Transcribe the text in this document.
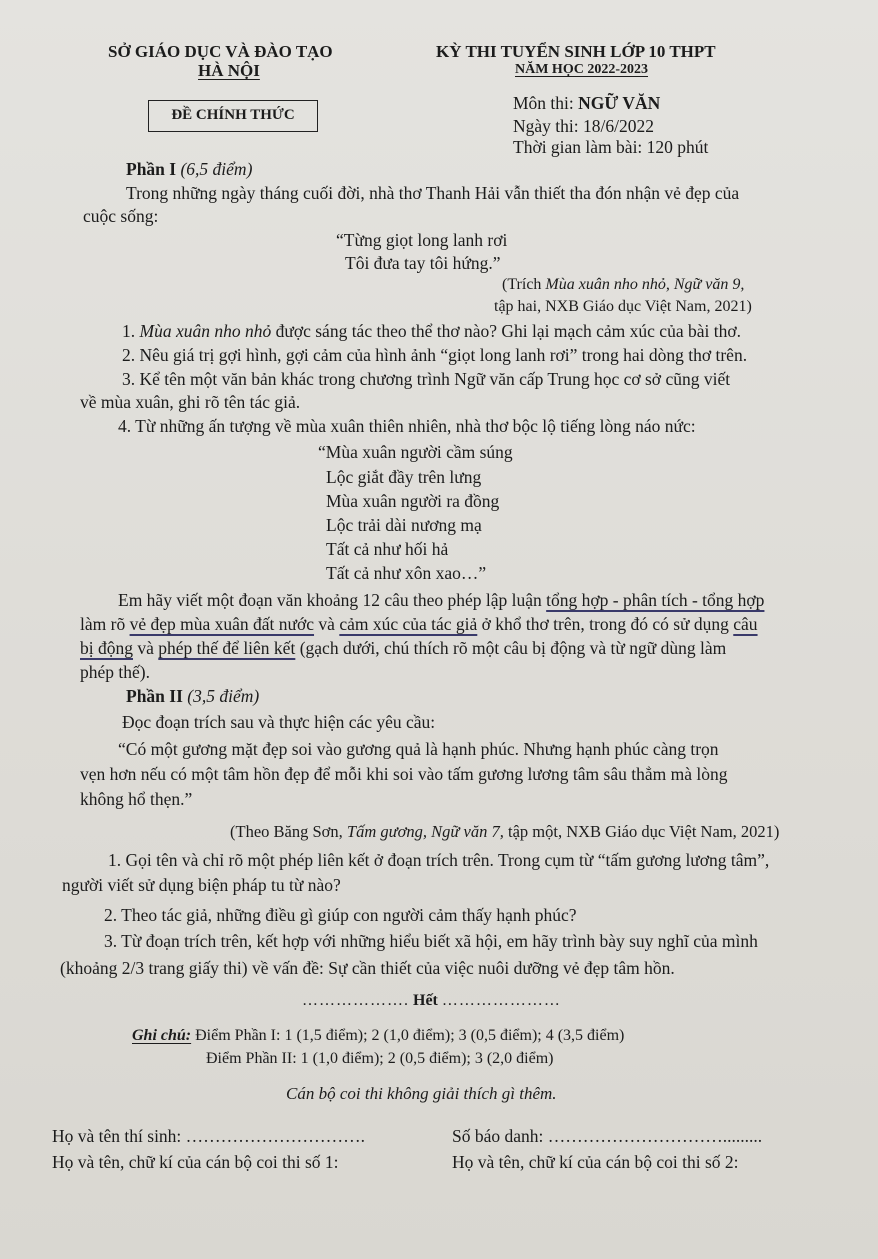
SỞ GIÁO DỤC VÀ ĐÀO TẠO
HÀ NỘI
KỲ THI TUYỂN SINH LỚP 10 THPT
NĂM HỌC 2022-2023
ĐỀ CHÍNH THỨC
Môn thi: NGỮ VĂN
Ngày thi: 18/6/2022
Thời gian làm bài: 120 phút
Phần I (6,5 điểm)
Trong những ngày tháng cuối đời, nhà thơ Thanh Hải vẫn thiết tha đón nhận vẻ đẹp của
cuộc sống:
“Từng giọt long lanh rơi
Tôi đưa tay tôi hứng.”
(Trích Mùa xuân nho nhỏ, Ngữ văn 9,
tập hai, NXB Giáo dục Việt Nam, 2021)
1. Mùa xuân nho nhỏ được sáng tác theo thể thơ nào? Ghi lại mạch cảm xúc của bài thơ.
2. Nêu giá trị gợi hình, gợi cảm của hình ảnh “giọt long lanh rơi” trong hai dòng thơ trên.
3. Kể tên một văn bản khác trong chương trình Ngữ văn cấp Trung học cơ sở cũng viết
về mùa xuân, ghi rõ tên tác giả.
4. Từ những ấn tượng về mùa xuân thiên nhiên, nhà thơ bộc lộ tiếng lòng náo nức:
“Mùa xuân người cầm súng
Lộc giắt đầy trên lưng
Mùa xuân người ra đồng
Lộc trải dài nương mạ
Tất cả như hối hả
Tất cả như xôn xao…”
Em hãy viết một đoạn văn khoảng 12 câu theo phép lập luận tổng hợp - phân tích - tổng hợp
làm rõ vẻ đẹp mùa xuân đất nước và cảm xúc của tác giả ở khổ thơ trên, trong đó có sử dụng câu
bị động và phép thế để liên kết (gạch dưới, chú thích rõ một câu bị động và từ ngữ dùng làm
phép thế).
Phần II (3,5 điểm)
Đọc đoạn trích sau và thực hiện các yêu cầu:
“Có một gương mặt đẹp soi vào gương quả là hạnh phúc. Nhưng hạnh phúc càng trọn
vẹn hơn nếu có một tâm hồn đẹp để mỗi khi soi vào tấm gương lương tâm sâu thẳm mà lòng
không hổ thẹn.”
(Theo Băng Sơn, Tấm gương, Ngữ văn 7, tập một, NXB Giáo dục Việt Nam, 2021)
1. Gọi tên và chỉ rõ một phép liên kết ở đoạn trích trên. Trong cụm từ “tấm gương lương tâm”,
người viết sử dụng biện pháp tu từ nào?
2. Theo tác giả, những điều gì giúp con người cảm thấy hạnh phúc?
3. Từ đoạn trích trên, kết hợp với những hiểu biết xã hội, em hãy trình bày suy nghĩ của mình
(khoảng 2/3 trang giấy thi) về vấn đề: Sự cần thiết của việc nuôi dưỡng vẻ đẹp tâm hồn.
………………. Hết …………………
Ghi chú: Điểm Phần I: 1 (1,5 điểm); 2 (1,0 điểm); 3 (0,5 điểm); 4 (3,5 điểm)
Điểm Phần II: 1 (1,0 điểm); 2 (0,5 điểm); 3 (2,0 điểm)
Cán bộ coi thi không giải thích gì thêm.
Họ và tên thí sinh: ………………………….	Số báo danh: ………………………….........
Họ và tên, chữ kí của cán bộ coi thi số 1:	Họ và tên, chữ kí của cán bộ coi thi số 2:
